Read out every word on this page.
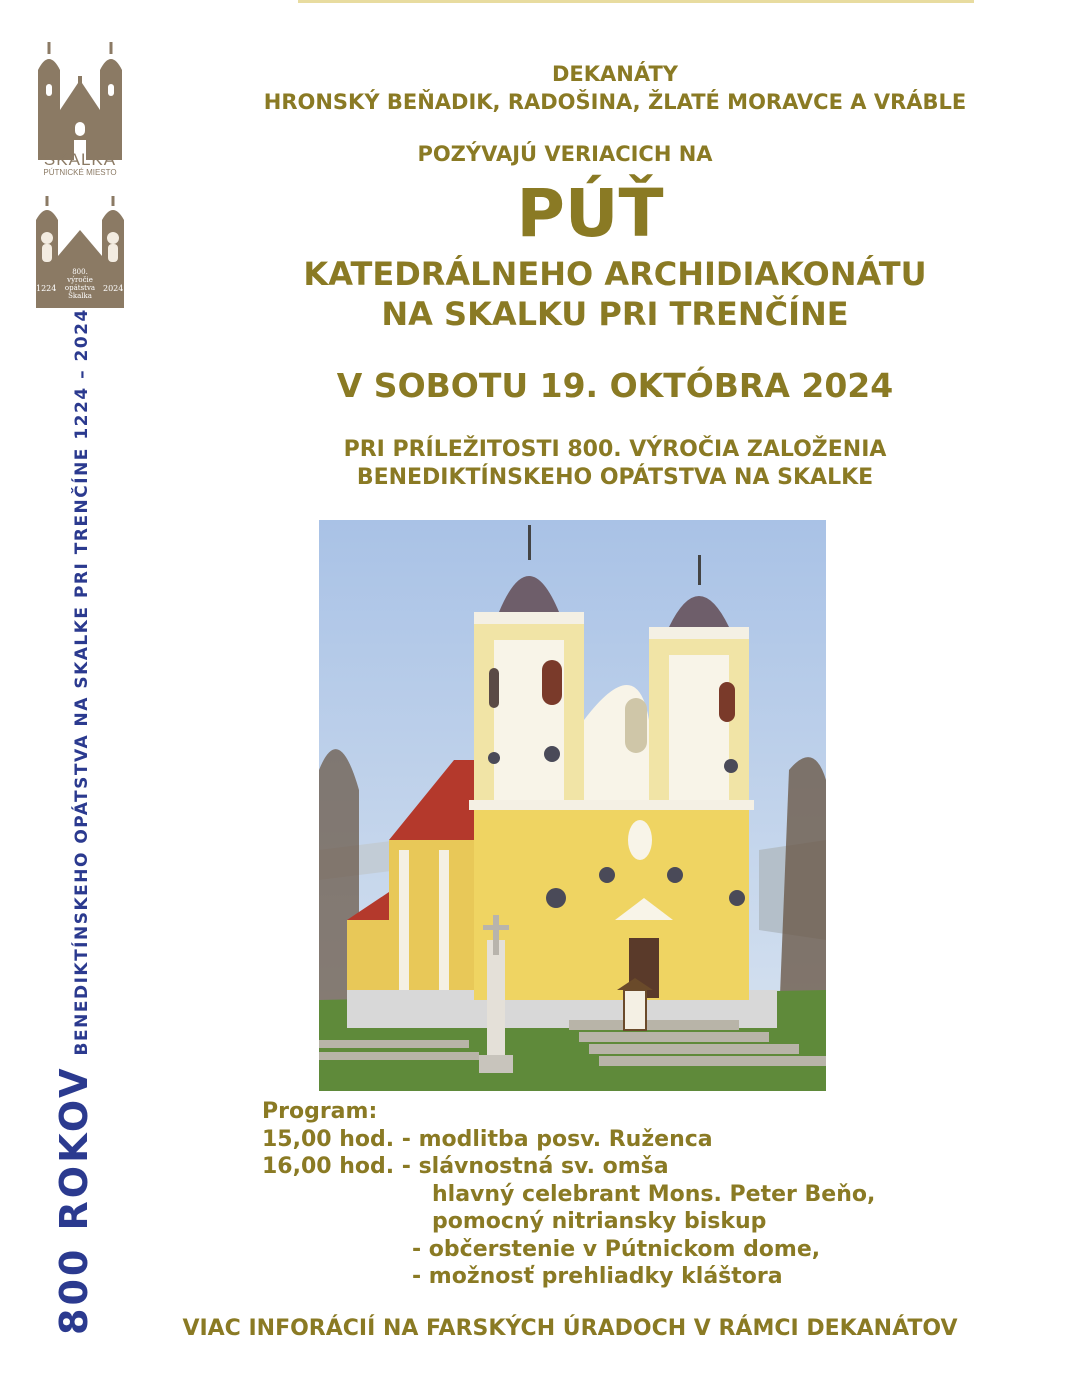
SKALKA
PÚTNICKÉ MIESTO
1224	2024
800.
výročie
opátstva
Skalka
800 ROKOVBENEDIKTÍNSKEHO OPÁTSTVA NA SKALKE PRI TRENČÍNE 1224 – 2024
DEKANÁTY
HRONSKÝ BEŇADIK, RADOŠINA, ŽLATÉ MORAVCE A VRÁBLE
POZÝVAJÚ VERIACICH NA
PÚŤ
KATEDRÁLNEHO ARCHIDIAKONÁTU
NA SKALKU PRI TRENČÍNE
V SOBOTU 19. OKTÓBRA 2024
PRI PRÍLEŽITOSTI 800. VÝROČIA ZALOŽENIA
BENEDIKTÍNSKEHO OPÁTSTVA NA SKALKE
Program:
15,00 hod. - modlitba posv. Ruženca
16,00 hod. - slávnostná sv. omša
hlavný celebrant Mons. Peter Beňo,
pomocný nitriansky biskup
- občerstenie v Pútnickom dome,
- možnosť prehliadky kláštora
VIAC INFORÁCIÍ NA FARSKÝCH ÚRADOCH V RÁMCI DEKANÁTOV
